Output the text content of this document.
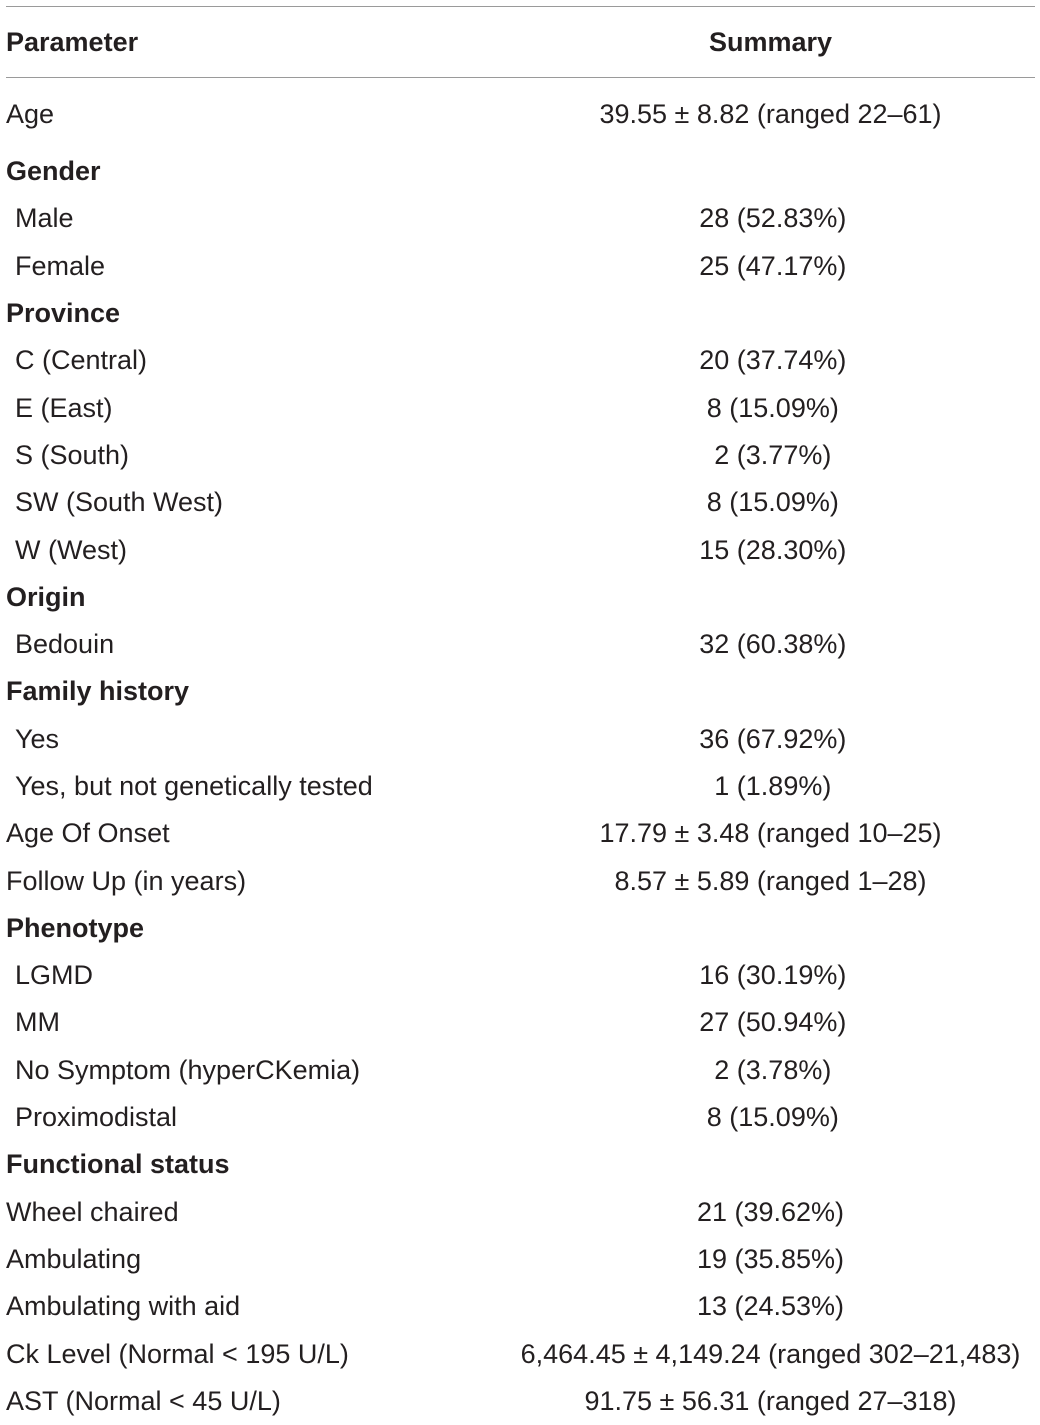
Parameter	Summary
Age	39.55 ± 8.82 (ranged 22–61)
Gender
Male	28 (52.83%)
Female	25 (47.17%)
Province
C (Central)	20 (37.74%)
E (East)	8 (15.09%)
S (South)	2 (3.77%)
SW (South West)	8 (15.09%)
W (West)	15 (28.30%)
Origin
Bedouin	32 (60.38%)
Family history
Yes	36 (67.92%)
Yes, but not genetically tested	1 (1.89%)
Age Of Onset	17.79 ± 3.48 (ranged 10–25)
Follow Up (in years)	8.57 ± 5.89 (ranged 1–28)
Phenotype
LGMD	16 (30.19%)
MM	27 (50.94%)
No Symptom (hyperCKemia)	2 (3.78%)
Proximodistal	8 (15.09%)
Functional status
Wheel chaired	21 (39.62%)
Ambulating	19 (35.85%)
Ambulating with aid	13 (24.53%)
Ck Level (Normal < 195 U/L)	6,464.45 ± 4,149.24 (ranged 302–21,483)
AST (Normal < 45 U/L)	91.75 ± 56.31 (ranged 27–318)
